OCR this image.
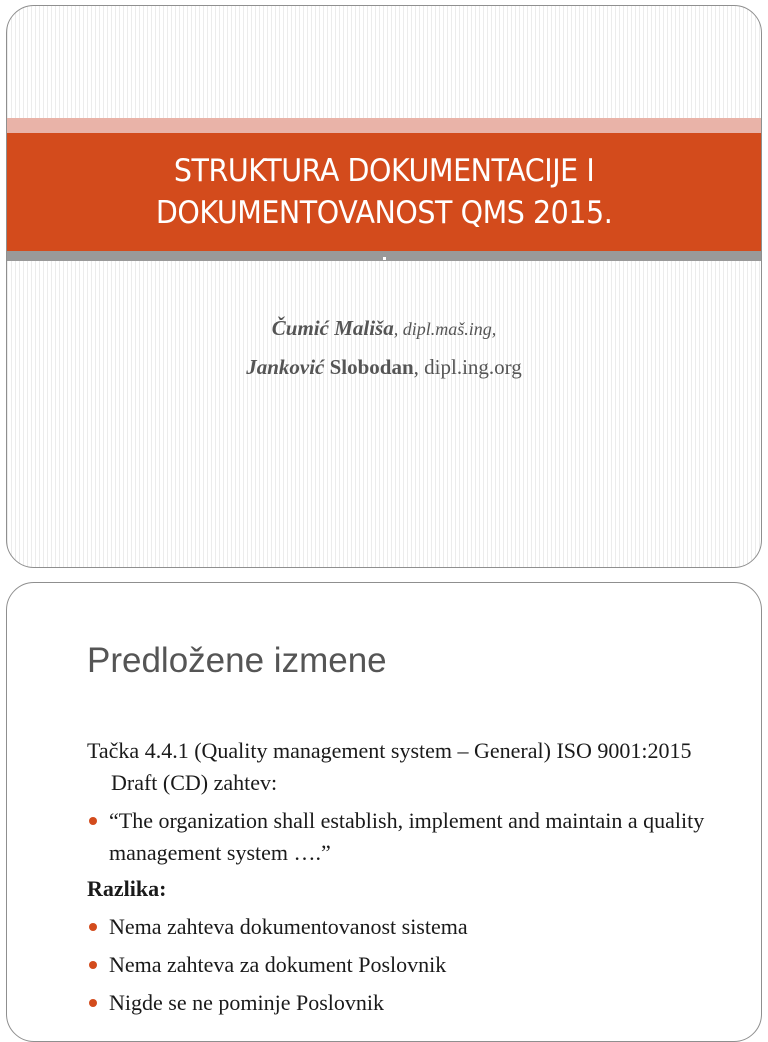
STRUKTURA DOKUMENTACIJE I
DOKUMENTOVANOST QMS 2015.
Čumić Mališa, dipl.maš.ing,
Janković Slobodan, dipl.ing.org
Predložene izmene

Tačka 4.4.1 (Quality management system – General) ISO 9001:2015 Draft (CD) zahtev:

“The organization shall establish, implement and maintain a quality management system ….”
Razlika:
Nema zahteva dokumentovanost sistema
Nema zahteva za dokument Poslovnik
Nigde se ne pominje Poslovnik
